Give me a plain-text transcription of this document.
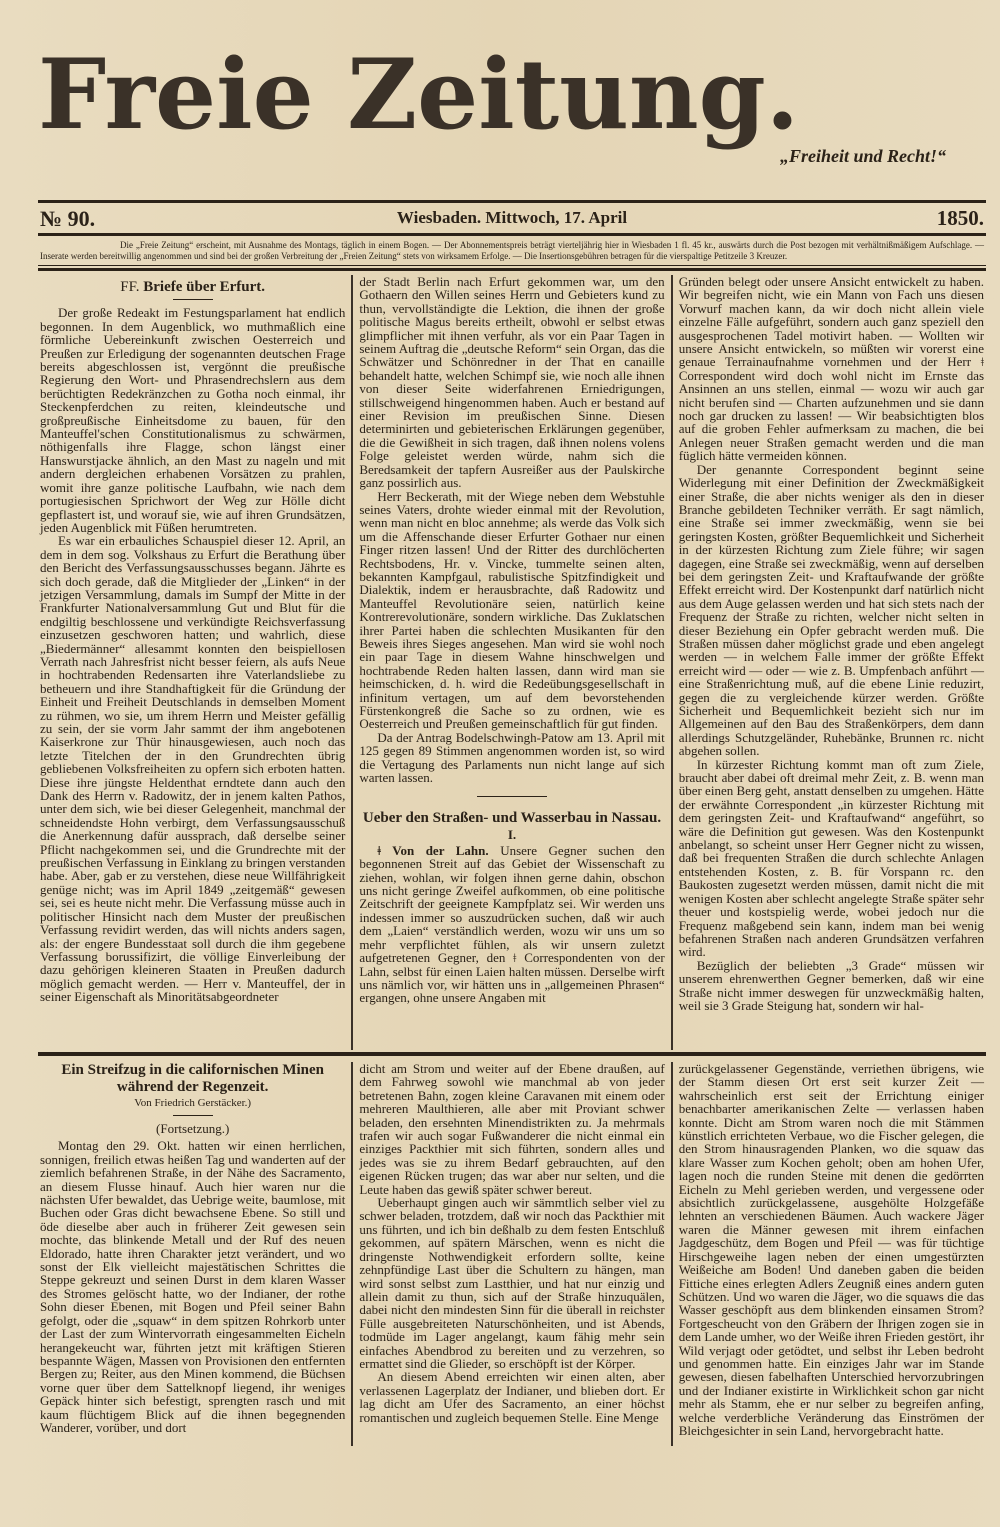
Freie Zeitung.
„Freiheit und Recht!“
№ 90.	Wiesbaden. Mittwoch, 17. April	1850.
Die „Freie Zeitung“ erscheint, mit Ausnahme des Montags, täglich in einem Bogen. — Der Abonnementspreis beträgt vierteljährig hier in Wiesbaden 1 fl. 45 kr., auswärts durch die Post bezogen mit verhältnißmäßigem Aufschlage. — Inserate werden bereitwillig angenommen und sind bei der großen Verbreitung der „Freien Zeitung“ stets von wirksamem Erfolge. — Die Insertionsgebühren betragen für die vierspaltige Petitzeile 3 Kreuzer.
FF. Briefe über Erfurt.

Der große Redeakt im Festungsparlament hat endlich begonnen. In dem Augenblick, wo muthmaßlich eine förmliche Uebereinkunft zwischen Oesterreich und Preußen zur Erledigung der sogenannten deutschen Frage bereits abgeschlossen ist, vergönnt die preußische Regierung den Wort- und Phrasendrechslern aus dem berüchtigten Redekränzchen zu Gotha noch einmal, ihr Steckenpferdchen zu reiten, kleindeutsche und großpreußische Einheitsdome zu bauen, für den Manteuffel'schen Constitutionalismus zu schwärmen, nöthigenfalls ihre Flagge, schon längst einer Hanswurstjacke ähnlich, an den Mast zu nageln und mit andern dergleichen erhabenen Vorsätzen zu prahlen, womit ihre ganze politische Laufbahn, wie nach dem portugiesischen Sprichwort der Weg zur Hölle dicht gepflastert ist, und worauf sie, wie auf ihren Grundsätzen, jeden Augenblick mit Füßen herumtreten.

Es war ein erbauliches Schauspiel dieser 12. April, an dem in dem sog. Volkshaus zu Erfurt die Berathung über den Bericht des Verfassungsausschusses begann. Jährte es sich doch gerade, daß die Mitglieder der „Linken“ in der jetzigen Versammlung, damals im Sumpf der Mitte in der Frankfurter Nationalversammlung Gut und Blut für die endgiltig beschlossene und verkündigte Reichsverfassung einzusetzen geschworen hatten; und wahrlich, diese „Biedermänner“ allesammt konnten den beispiellosen Verrath nach Jahresfrist nicht besser feiern, als aufs Neue in hochtrabenden Redensarten ihre Vaterlandsliebe zu betheuern und ihre Standhaftigkeit für die Gründung der Einheit und Freiheit Deutschlands in demselben Moment zu rühmen, wo sie, um ihrem Herrn und Meister gefällig zu sein, der sie vorm Jahr sammt der ihm angebotenen Kaiserkrone zur Thür hinausgewiesen, auch noch das letzte Titelchen der in den Grundrechten übrig gebliebenen Volksfreiheiten zu opfern sich erboten hatten. Diese ihre jüngste Heldenthat erndtete dann auch den Dank des Herrn v. Radowitz, der in jenem kalten Pathos, unter dem sich, wie bei dieser Gelegenheit, manchmal der schneidendste Hohn verbirgt, dem Verfassungsausschuß die Anerkennung dafür aussprach, daß derselbe seiner Pflicht nachgekommen sei, und die Grundrechte mit der preußischen Verfassung in Einklang zu bringen verstanden habe. Aber, gab er zu verstehen, diese neue Willfährigkeit genüge nicht; was im April 1849 „zeitgemäß“ gewesen sei, sei es heute nicht mehr. Die Verfassung müsse auch in politischer Hinsicht nach dem Muster der preußischen Verfassung revidirt werden, das will nichts anders sagen, als: der engere Bundesstaat soll durch die ihm gegebene Verfassung borussifizirt, die völlige Einverleibung der dazu gehörigen kleineren Staaten in Preußen dadurch möglich gemacht werden. — Herr v. Manteuffel, der in seiner Eigenschaft als Minoritätsabgeordneter

der Stadt Berlin nach Erfurt gekommen war, um den Gothaern den Willen seines Herrn und Gebieters kund zu thun, vervollständigte die Lektion, die ihnen der große politische Magus bereits ertheilt, obwohl er selbst etwas glimpflicher mit ihnen verfuhr, als vor ein Paar Tagen in seinem Auftrag die „deutsche Reform“ sein Organ, das die Schwätzer und Schönredner in der That en canaille behandelt hatte, welchen Schimpf sie, wie noch alle ihnen von dieser Seite widerfahrenen Erniedrigungen, stillschweigend hingenommen haben. Auch er bestand auf einer Revision im preußischen Sinne. Diesen determinirten und gebieterischen Erklärungen gegenüber, die die Gewißheit in sich tragen, daß ihnen nolens volens Folge geleistet werden würde, nahm sich die Beredsamkeit der tapfern Ausreißer aus der Paulskirche ganz possirlich aus.

Herr Beckerath, mit der Wiege neben dem Webstuhle seines Vaters, drohte wieder einmal mit der Revolution, wenn man nicht en bloc annehme; als werde das Volk sich um die Affenschande dieser Erfurter Gothaer nur einen Finger ritzen lassen! Und der Ritter des durchlöcherten Rechtsbodens, Hr. v. Vincke, tummelte seinen alten, bekannten Kampfgaul, rabulistische Spitzfindigkeit und Dialektik, indem er herausbrachte, daß Radowitz und Manteuffel Revolutionäre seien, natürlich keine Kontrerevolutionäre, sondern wirkliche. Das Zuklatschen ihrer Partei haben die schlechten Musikanten für den Beweis ihres Sieges angesehen. Man wird sie wohl noch ein paar Tage in diesem Wahne hinschwelgen und hochtrabende Reden halten lassen, dann wird man sie heimschicken, d. h. wird die Redeübungsgesellschaft in infinitum vertagen, um auf dem bevorstehenden Fürstenkongreß die Sache so zu ordnen, wie es Oesterreich und Preußen gemeinschaftlich für gut finden.

Da der Antrag Bodelschwingh-Patow am 13. April mit 125 gegen 89 Stimmen angenommen worden ist, so wird die Vertagung des Parlaments nun nicht lange auf sich warten lassen.

Ueber den Straßen- und Wasserbau in Nassau.
I.

ǂ Von der Lahn. Unsere Gegner suchen den begonnenen Streit auf das Gebiet der Wissenschaft zu ziehen, wohlan, wir folgen ihnen gerne dahin, obschon uns nicht geringe Zweifel aufkommen, ob eine politische Zeitschrift der geeignete Kampfplatz sei. Wir werden uns indessen immer so auszudrücken suchen, daß wir auch dem „Laien“ verständlich werden, wozu wir uns um so mehr verpflichtet fühlen, als wir unsern zuletzt aufgetretenen Gegner, den ǂ Correspondenten von der Lahn, selbst für einen Laien halten müssen. Derselbe wirft uns nämlich vor, wir hätten uns in „allgemeinen Phrasen“ ergangen, ohne unsere Angaben mit

Gründen belegt oder unsere Ansicht entwickelt zu haben. Wir begreifen nicht, wie ein Mann von Fach uns diesen Vorwurf machen kann, da wir doch nicht allein viele einzelne Fälle aufgeführt, sondern auch ganz speziell den ausgesprochenen Tadel motivirt haben. — Wollten wir unsere Ansicht entwickeln, so müßten wir vorerst eine genaue Terrainaufnahme vornehmen und der Herr ǂ Correspondent wird doch wohl nicht im Ernste das Ansinnen an uns stellen, einmal — wozu wir auch gar nicht berufen sind — Charten aufzunehmen und sie dann noch gar drucken zu lassen! — Wir beabsichtigten blos auf die groben Fehler aufmerksam zu machen, die bei Anlegen neuer Straßen gemacht werden und die man füglich hätte vermeiden können.

Der genannte Correspondent beginnt seine Widerlegung mit einer Definition der Zweckmäßigkeit einer Straße, die aber nichts weniger als den in dieser Branche gebildeten Techniker verräth. Er sagt nämlich, eine Straße sei immer zweckmäßig, wenn sie bei geringsten Kosten, größter Bequemlichkeit und Sicherheit in der kürzesten Richtung zum Ziele führe; wir sagen dagegen, eine Straße sei zweckmäßig, wenn auf derselben bei dem geringsten Zeit- und Kraftaufwande der größte Effekt erreicht wird. Der Kostenpunkt darf natürlich nicht aus dem Auge gelassen werden und hat sich stets nach der Frequenz der Straße zu richten, welcher nicht selten in dieser Beziehung ein Opfer gebracht werden muß. Die Straßen müssen daher möglichst grade und eben angelegt werden — in welchem Falle immer der größte Effekt erreicht wird — oder — wie z. B. Umpfenbach anführt — eine Straßenrichtung muß, auf die ebene Linie reduzirt, gegen die zu vergleichende kürzer werden. Größte Sicherheit und Bequemlichkeit bezieht sich nur im Allgemeinen auf den Bau des Straßenkörpers, dem dann allerdings Schutzgeländer, Ruhebänke, Brunnen rc. nicht abgehen sollen.

In kürzester Richtung kommt man oft zum Ziele, braucht aber dabei oft dreimal mehr Zeit, z. B. wenn man über einen Berg geht, anstatt denselben zu umgehen. Hätte der erwähnte Correspondent „in kürzester Richtung mit dem geringsten Zeit- und Kraftaufwand“ angeführt, so wäre die Definition gut gewesen. Was den Kostenpunkt anbelangt, so scheint unser Herr Gegner nicht zu wissen, daß bei frequenten Straßen die durch schlechte Anlagen entstehenden Kosten, z. B. für Vorspann rc. den Baukosten zugesetzt werden müssen, damit nicht die mit wenigen Kosten aber schlecht angelegte Straße später sehr theuer und kostspielig werde, wobei jedoch nur die Frequenz maßgebend sein kann, indem man bei wenig befahrenen Straßen nach anderen Grundsätzen verfahren wird.

Bezüglich der beliebten „3 Grade“ müssen wir unserem ehrenwerthen Gegner bemerken, daß wir eine Straße nicht immer deswegen für unzweckmäßig halten, weil sie 3 Grade Steigung hat, sondern wir hal-

Ein Streifzug in die californischen Minen während der Regenzeit.
Von Friedrich Gerstäcker.)
(Fortsetzung.)

Montag den 29. Okt. hatten wir einen herrlichen, sonnigen, freilich etwas heißen Tag und wanderten auf der ziemlich befahrenen Straße, in der Nähe des Sacramento, an diesem Flusse hinauf. Auch hier waren nur die nächsten Ufer bewaldet, das Uebrige weite, baumlose, mit Buchen oder Gras dicht bewachsene Ebene. So still und öde dieselbe aber auch in früherer Zeit gewesen sein mochte, das blinkende Metall und der Ruf des neuen Eldorado, hatte ihren Charakter jetzt verändert, und wo sonst der Elk vielleicht majestätischen Schrittes die Steppe gekreuzt und seinen Durst in dem klaren Wasser des Stromes gelöscht hatte, wo der Indianer, der rothe Sohn dieser Ebenen, mit Bogen und Pfeil seiner Bahn gefolgt, oder die „squaw“ in dem spitzen Rohrkorb unter der Last der zum Wintervorrath eingesammelten Eicheln herangekeucht war, führten jetzt mit kräftigen Stieren bespannte Wägen, Massen von Provisionen den entfernten Bergen zu; Reiter, aus den Minen kommend, die Büchsen vorne quer über dem Sattelknopf liegend, ihr weniges Gepäck hinter sich befestigt, sprengten rasch und mit kaum flüchtigem Blick auf die ihnen begegnenden Wanderer, vorüber, und dort

dicht am Strom und weiter auf der Ebene draußen, auf dem Fahrweg sowohl wie manchmal ab von jeder betretenen Bahn, zogen kleine Caravanen mit einem oder mehreren Maulthieren, alle aber mit Proviant schwer beladen, den ersehnten Minendistrikten zu. Ja mehrmals trafen wir auch sogar Fußwanderer die nicht einmal ein einziges Packthier mit sich führten, sondern alles und jedes was sie zu ihrem Bedarf gebrauchten, auf den eigenen Rücken trugen; das war aber nur selten, und die Leute haben das gewiß später schwer bereut.

Ueberhaupt gingen auch wir sämmtlich selber viel zu schwer beladen, trotzdem, daß wir noch das Packthier mit uns führten, und ich bin deßhalb zu dem festen Entschluß gekommen, auf spätern Märschen, wenn es nicht die dringenste Nothwendigkeit erfordern sollte, keine zehnpfündige Last über die Schultern zu hängen, man wird sonst selbst zum Lastthier, und hat nur einzig und allein damit zu thun, sich auf der Straße hinzuquälen, dabei nicht den mindesten Sinn für die überall in reichster Fülle ausgebreiteten Naturschönheiten, und ist Abends, todmüde im Lager angelangt, kaum fähig mehr sein einfaches Abendbrod zu bereiten und zu verzehren, so ermattet sind die Glieder, so erschöpft ist der Körper.

An diesem Abend erreichten wir einen alten, aber verlassenen Lagerplatz der Indianer, und blieben dort. Er lag dicht am Ufer des Sacramento, an einer höchst romantischen und zugleich bequemen Stelle. Eine Menge

zurückgelassener Gegenstände, verriethen übrigens, wie der Stamm diesen Ort erst seit kurzer Zeit — wahrscheinlich erst seit der Errichtung einiger benachbarter amerikanischen Zelte — verlassen haben konnte. Dicht am Strom waren noch die mit Stämmen künstlich errichteten Verbaue, wo die Fischer gelegen, die den Strom hinausragenden Planken, wo die squaw das klare Wasser zum Kochen geholt; oben am hohen Ufer, lagen noch die runden Steine mit denen die gedörrten Eicheln zu Mehl gerieben werden, und vergessene oder absichtlich zurückgelassene, ausgehölte Holzgefäße lehnten an verschiedenen Bäumen. Auch wackere Jäger waren die Männer gewesen mit ihrem einfachen Jagdgeschütz, dem Bogen und Pfeil — was für tüchtige Hirschgeweihe lagen neben der einen umgestürzten Weißeiche am Boden! Und daneben gaben die beiden Fittiche eines erlegten Adlers Zeugniß eines andern guten Schützen. Und wo waren die Jäger, wo die squaws die das Wasser geschöpft aus dem blinkenden einsamen Strom? Fortgescheucht von den Gräbern der Ihrigen zogen sie in dem Lande umher, wo der Weiße ihren Frieden gestört, ihr Wild verjagt oder getödtet, und selbst ihr Leben bedroht und genommen hatte. Ein einziges Jahr war im Stande gewesen, diesen fabelhaften Unterschied hervorzubringen und der Indianer existirte in Wirklichkeit schon gar nicht mehr als Stamm, ehe er nur selber zu begreifen anfing, welche verderbliche Veränderung das Einströmen der Bleichgesichter in sein Land, hervorgebracht hatte.
